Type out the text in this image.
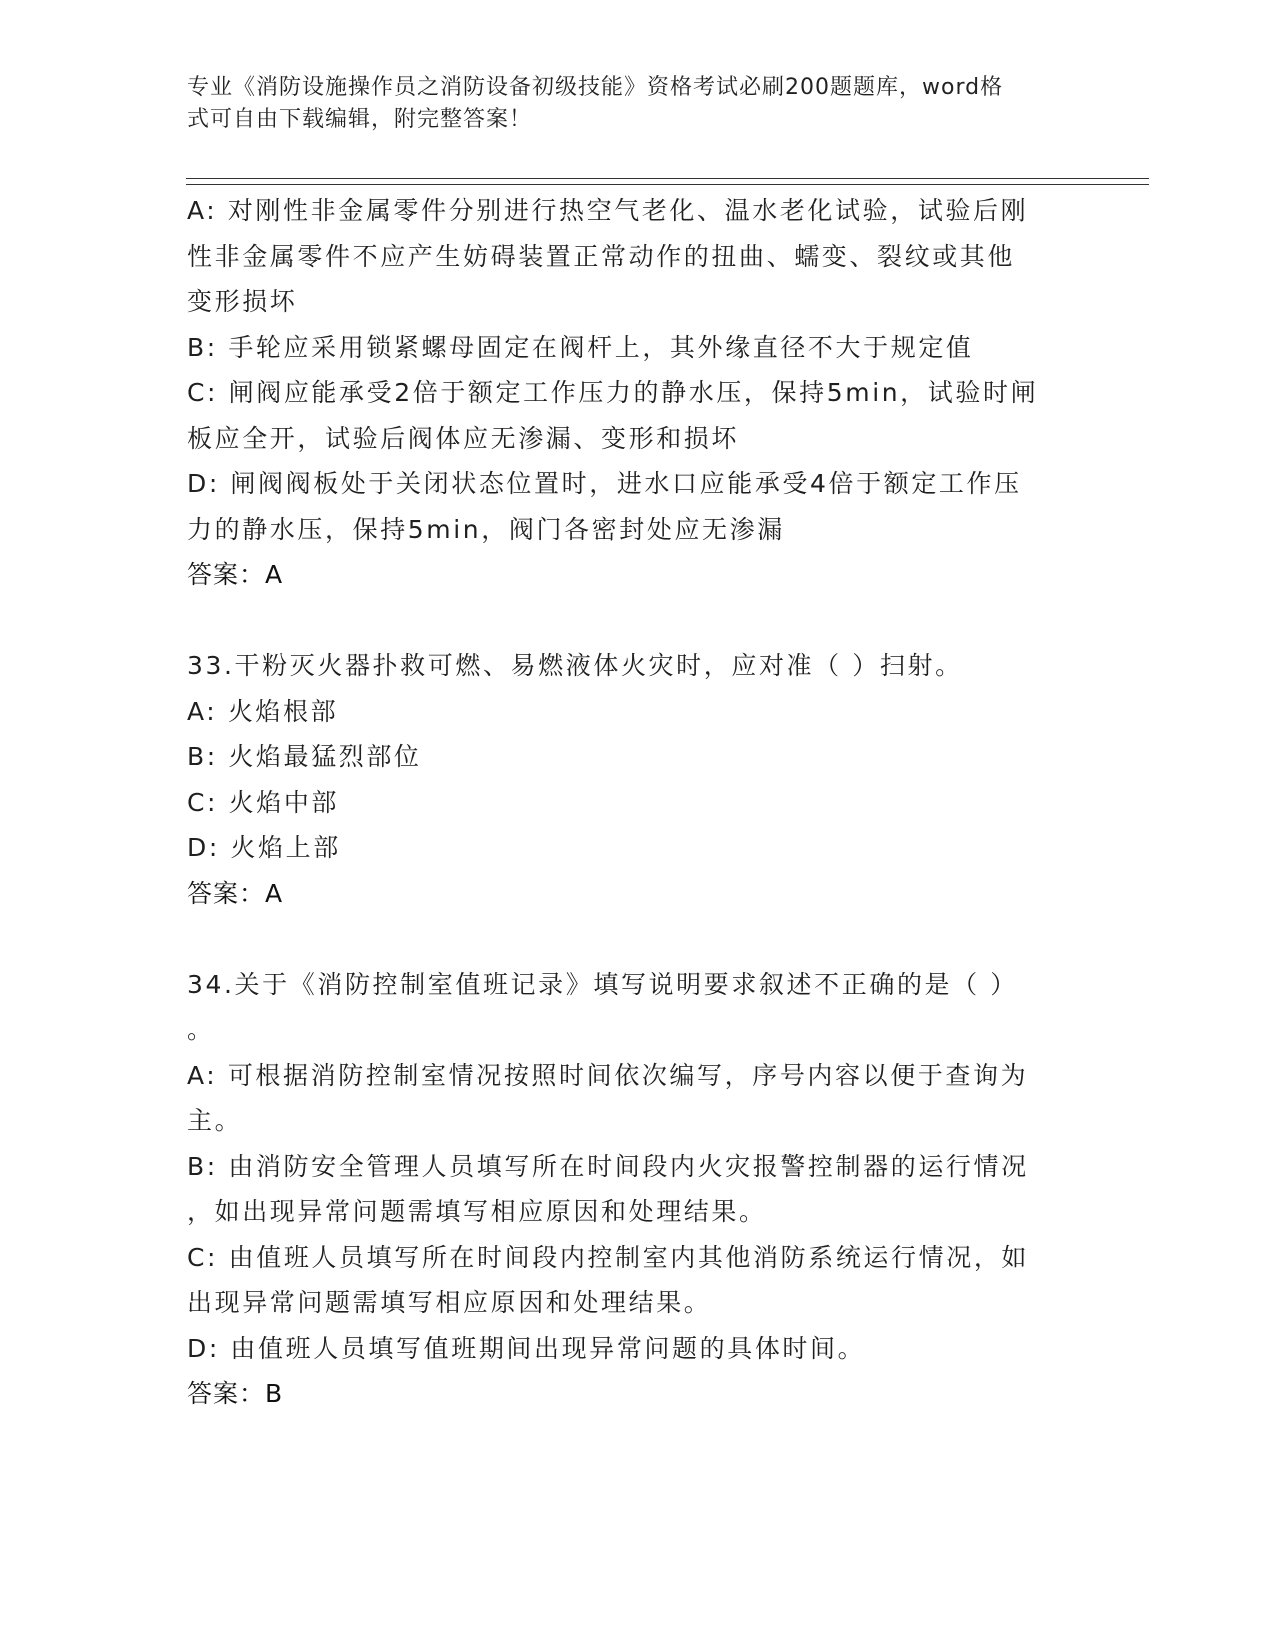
专业《消防设施操作员之消防设备初级技能》资格考试必刷200题题库，word格
式可自由下载编辑，附完整答案！
A: 对刚性非金属零件分别进行热空气老化、温水老化试验，试验后刚
性非金属零件不应产生妨碍装置正常动作的扭曲、蠕变、裂纹或其他
变形损坏
B: 手轮应采用锁紧螺母固定在阀杆上，其外缘直径不大于规定值
C: 闸阀应能承受2倍于额定工作压力的静水压，保持5min，试验时闸
板应全开，试验后阀体应无渗漏、变形和损坏
D: 闸阀阀板处于关闭状态位置时，进水口应能承受4倍于额定工作压
力的静水压，保持5min，阀门各密封处应无渗漏
答案：A
33.干粉灭火器扑救可燃、易燃液体火灾时，应对准（ ）扫射。
A: 火焰根部
B: 火焰最猛烈部位
C: 火焰中部
D: 火焰上部
答案：A
34.关于《消防控制室值班记录》填写说明要求叙述不正确的是（ ）
。
A: 可根据消防控制室情况按照时间依次编写，序号内容以便于查询为
主。
B: 由消防安全管理人员填写所在时间段内火灾报警控制器的运行情况
，如出现异常问题需填写相应原因和处理结果。
C: 由值班人员填写所在时间段内控制室内其他消防系统运行情况，如
出现异常问题需填写相应原因和处理结果。
D: 由值班人员填写值班期间出现异常问题的具体时间。
答案：B
